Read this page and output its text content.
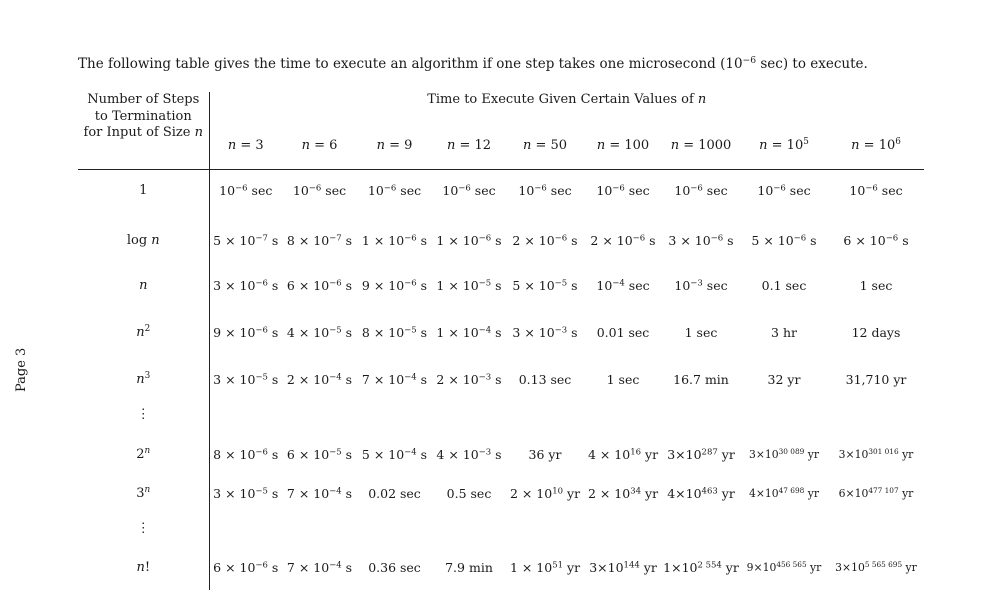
Page 3
The following table gives the time to execute an algorithm if one step takes one microsecond ($10^{-6}$ sec) to execute.
Number of Steps
to Termination
for Input of Size n	Time to Execute Given Certain Values of n								
	n = 3	n = 6	n = 9	n = 12	n = 50	n = 100	n = 1000	$n = 10^5$	$n = 10^6$
1	$10^{-6}$ sec	$10^{-6}$ sec	$10^{-6}$ sec	$10^{-6}$ sec	$10^{-6}$ sec	$10^{-6}$ sec	$10^{-6}$ sec	$10^{-6}$ sec	$10^{-6}$ sec
log n	$5 \times 10^{-7}$ s	$8 \times 10^{-7}$ s	$1 \times 10^{-6}$ s	$1 \times 10^{-6}$ s	$2 \times 10^{-6}$ s	$2 \times 10^{-6}$ s	$3 \times 10^{-6}$ s	$5 \times 10^{-6}$ s	$6 \times 10^{-6}$ s
n	$3 \times 10^{-6}$ s	$6 \times 10^{-6}$ s	$9 \times 10^{-6}$ s	$1 \times 10^{-5}$ s	$5 \times 10^{-5}$ s	$10^{-4}$ sec	$10^{-3}$ sec	0.1 sec	1 sec
$n^2$	$9 \times 10^{-6}$ s	$4 \times 10^{-5}$ s	$8 \times 10^{-5}$ s	$1 \times 10^{-4}$ s	$3 \times 10^{-3}$ s	0.01 sec	1 sec	3 hr	12 days
$n^3$	$3 \times 10^{-5}$ s	$2 \times 10^{-4}$ s	$7 \times 10^{-4}$ s	$2 \times 10^{-3}$ s	0.13 sec	1 sec	16.7 min	32 yr	31,710 yr
⋮									
2$^n$	$8 \times 10^{-6}$ s	$6 \times 10^{-5}$ s	$5 \times 10^{-4}$ s	$4 \times 10^{-3}$ s	36 yr	$4 \times 10^{16}$ yr	$3\times 10^{287}$ yr	$3\times 10^{30 089}$ yr	$3\times 10^{301 016}$ yr
3$^n$	$3 \times 10^{-5}$ s	$7 \times 10^{-4}$ s	0.02 sec	0.5 sec	$2 \times 10^{10}$ yr	$2 \times 10^{34}$ yr	$4\times 10^{463}$ yr	$4\times 10^{47 698}$ yr	$6\times 10^{477 107}$ yr
⋮									
n!	$6 \times 10^{-6}$ s	$7 \times 10^{-4}$ s	0.36 sec	7.9 min	$1 \times 10^{51}$ yr	$3\times 10^{144}$ yr	$1\times 10^{2 554}$ yr	$9\times 10^{456 565}$ yr	$3\times 10^{5 565 695}$ yr
